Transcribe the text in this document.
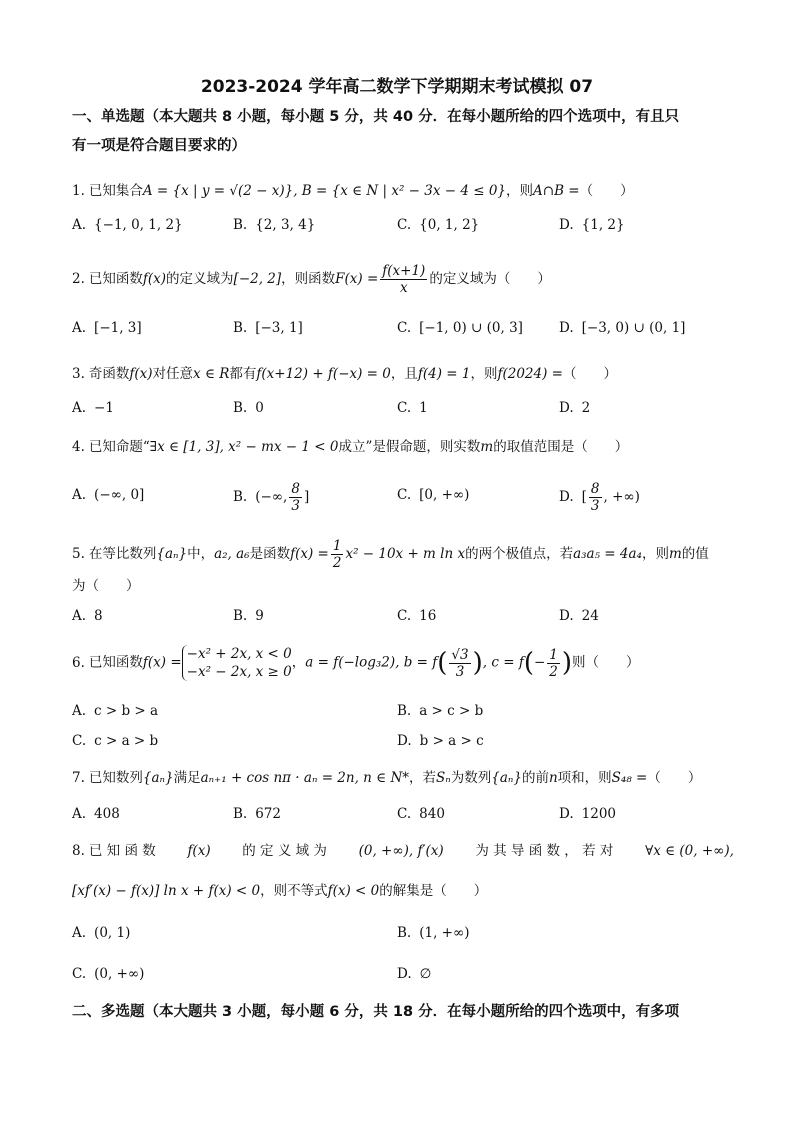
2023-2024 学年高二数学下学期期末考试模拟 07
一、单选题（本大题共 8 小题，每小题 5 分，共 40 分．在每小题所给的四个选项中，有且只
有一项是符合题目要求的）
1. 已知集合A = {x | y = √(2 − x)}, B = {x ∈ N | x² − 3x − 4 ≤ 0}，则A∩B =（　　）
A. {−1, 0, 1, 2}	B. {2, 3, 4}	C. {0, 1, 2}	D. {1, 2}
2. 已知函数f(x)的定义域为[−2, 2]，则函数$F(x) = \frac{f(x+1)}{x}$ 的定义域为（　　）
A. [−1, 3]	B. [−3, 1]	C. [−1, 0) ∪ (0, 3]	D. [−3, 0) ∪ (0, 1]
3. 奇函数f(x)对任意x ∈ R都有f(x+12) + f(−x) = 0，且f(4) = 1，则f(2024) =（　　）
A. −1	B. 0	C. 1	D. 2
4. 已知命题“∃x ∈ [1, 3], x² − mx − 1 < 0成立”是假命题，则实数m的取值范围是（　　）
A. (−∞, 0]	B. (−∞, $\frac{8}{3}$ ]	C. [0, +∞)	D. [ $\frac{8}{3}$ , +∞)
5. 在等比数列{aₙ}中，a₂, a₆是函数$f(x) = \frac{1}{2} x^2 - 10x + m$ ln x的两个极值点，若a₃a₅ = 4a₄，则m的值
为（　　）
A. 8	B. 9	C. 16	D. 24
6. 已知函数f(x) =
−x² + 2x, x < 0
−x² − 2x, x ≥ 0
，a = f(−log₃2), $b = f( \frac{√3}{3}$ ), $c = f(- \frac{1}{2}$ )则（　　）
A. c > b > a	B. a > c > b
C. c > a > b	D. b > a > c
7. 已知数列{aₙ}满足aₙ₊₁ + cos nπ · aₙ = 2n, n ∈ N*，若Sₙ为数列{aₙ}的前n项和，则S₄₈ =（　　）
A. 408	B. 672	C. 840	D. 1200
8. 已 知 函 数 f(x) 的 定 义 域 为 (0, +∞), f′(x) 为 其 导 函 数 ， 若 对 ∀x ∈ (0, +∞),
[xf′(x) − f(x)] ln x + f(x) < 0，则不等式f(x) < 0的解集是（　　）
A. (0, 1)	B. (1, +∞)
C. (0, +∞)	D. ∅
二、多选题（本大题共 3 小题，每小题 6 分，共 18 分．在每小题所给的四个选项中，有多项
